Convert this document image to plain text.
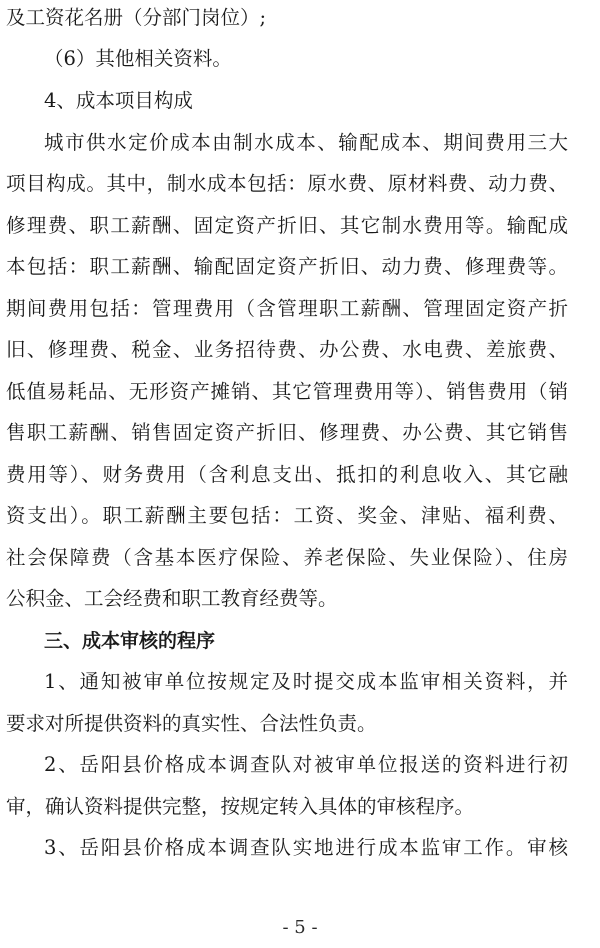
及工资花名册（分部门岗位）;
（6）其他相关资料。
4、成本项目构成
城市供水定价成本由制水成本、输配成本、期间费用三大
项目构成。其中，制水成本包括：原水费、原材料费、动力费、
修理费、职工薪酬、固定资产折旧、其它制水费用等。输配成
本包括：职工薪酬、输配固定资产折旧、动力费、修理费等。
期间费用包括：管理费用（含管理职工薪酬、管理固定资产折
旧、修理费、税金、业务招待费、办公费、水电费、差旅费、
低值易耗品、无形资产摊销、其它管理费用等）、销售费用（销
售职工薪酬、销售固定资产折旧、修理费、办公费、其它销售
费用等）、财务费用（含利息支出、抵扣的利息收入、其它融
资支出）。职工薪酬主要包括：工资、奖金、津贴、福利费、
社会保障费（含基本医疗保险、养老保险、失业保险）、住房
公积金、工会经费和职工教育经费等。
三、成本审核的程序
1、通知被审单位按规定及时提交成本监审相关资料，并
要求对所提供资料的真实性、合法性负责。
2、岳阳县价格成本调查队对被审单位报送的资料进行初
审，确认资料提供完整，按规定转入具体的审核程序。
3、岳阳县价格成本调查队实地进行成本监审工作。审核
- 5 -
